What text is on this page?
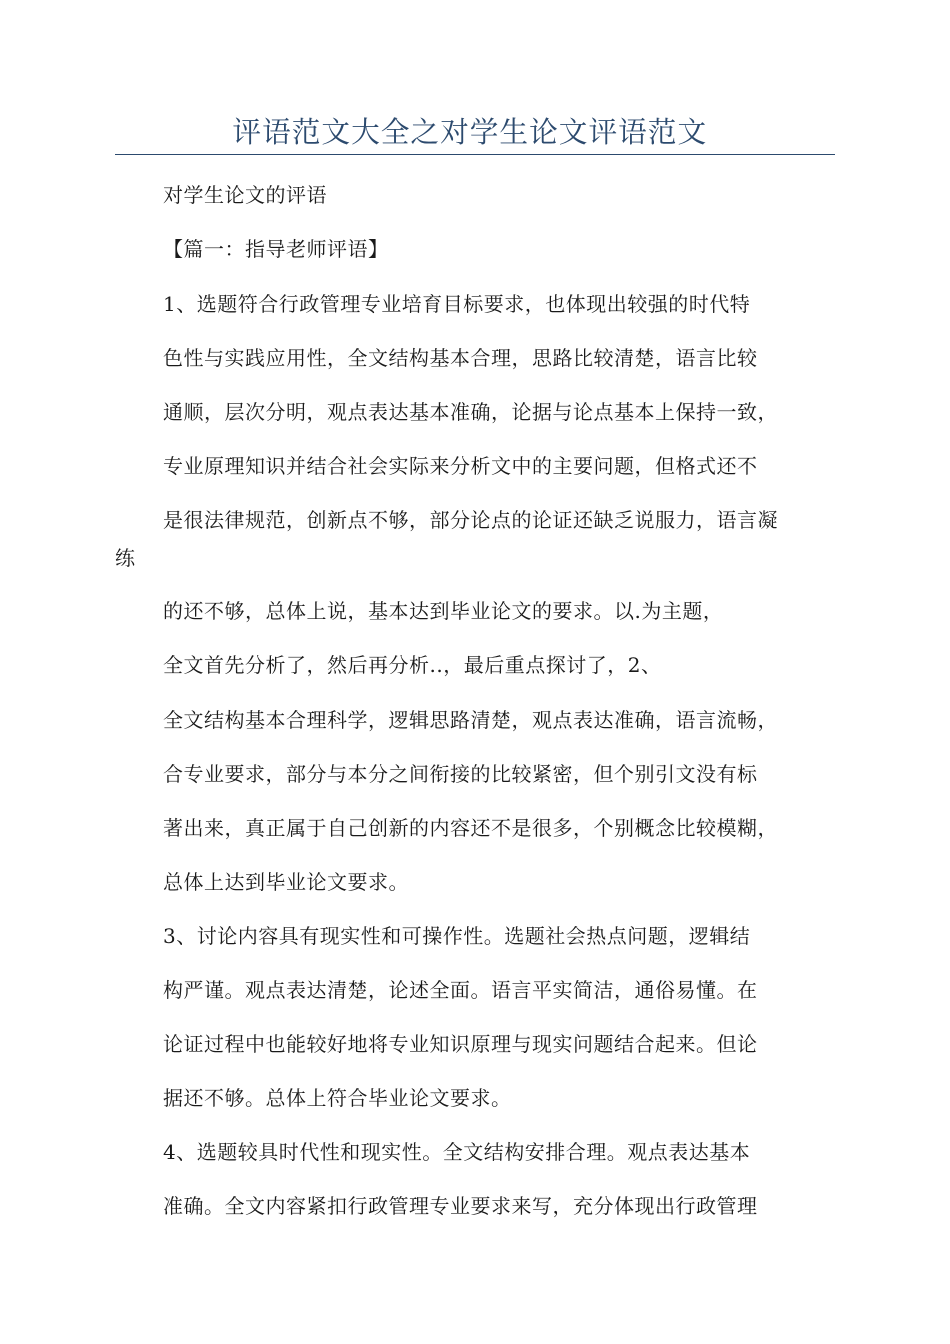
评语范文大全之对学生论文评语范文
对学生论文的评语
【篇一：指导老师评语】
1、选题符合行政管理专业培育目标要求，也体现出较强的时代特
色性与实践应用性，全文结构基本合理，思路比较清楚，语言比较
通顺，层次分明，观点表达基本准确，论据与论点基本上保持一致，
专业原理知识并结合社会实际来分析文中的主要问题，但格式还不
是很法律规范，创新点不够，部分论点的论证还缺乏说服力，语言凝
练
的还不够，总体上说，基本达到毕业论文的要求。以.为主题，
全文首先分析了，然后再分析..，最后重点探讨了，2、
全文结构基本合理科学，逻辑思路清楚，观点表达准确，语言流畅，
合专业要求，部分与本分之间衔接的比较紧密，但个别引文没有标
著出来，真正属于自己创新的内容还不是很多，个别概念比较模糊，
总体上达到毕业论文要求。
3、讨论内容具有现实性和可操作性。选题社会热点问题，逻辑结
构严谨。观点表达清楚，论述全面。语言平实简洁，通俗易懂。在
论证过程中也能较好地将专业知识原理与现实问题结合起来。但论
据还不够。总体上符合毕业论文要求。
4、选题较具时代性和现实性。全文结构安排合理。观点表达基本
准确。全文内容紧扣行政管理专业要求来写，充分体现出行政管理
